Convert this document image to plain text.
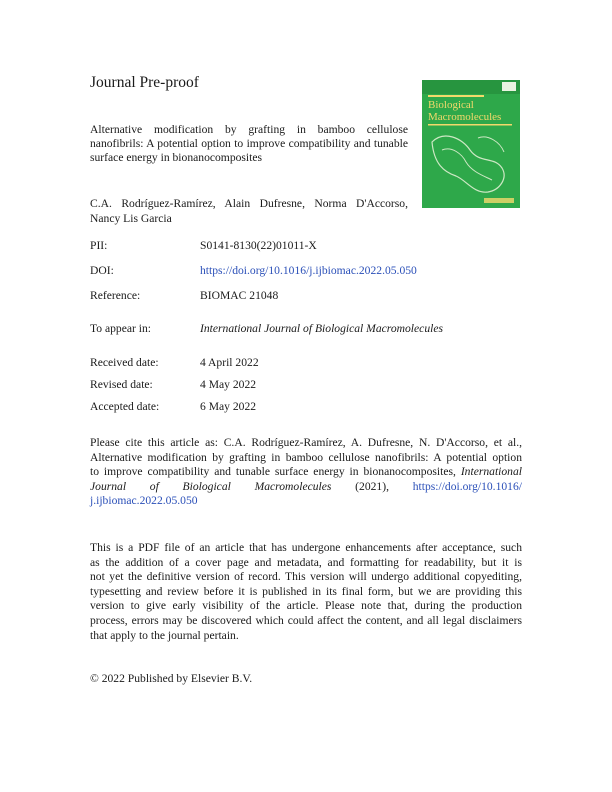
Journal Pre-proof
Biological
Macromolecules
Alternative modification by grafting in bamboo cellulose nanofibrils: A potential option to improve compatibility and tunable surface energy in bionanocomposites
C.A. Rodríguez-Ramírez, Alain Dufresne, Norma D'Accorso, Nancy Lis Garcia
PII:	S0141-8130(22)01011-X
DOI:	https://doi.org/10.1016/j.ijbiomac.2022.05.050
Reference:	BIOMAC 21048
To appear in:	International Journal of Biological Macromolecules
Received date:	4 April 2022
Revised date:	4 May 2022
Accepted date:	6 May 2022
Please cite this article as: C.A. Rodríguez-Ramírez, A. Dufresne, N. D'Accorso, et al.,
Alternative modification by grafting in bamboo cellulose nanofibrils: A potential option
to improve compatibility and tunable surface energy in bionanocomposites, International
Journal of Biological Macromolecules (2021), https://doi.org/10.1016/
j.ijbiomac.2022.05.050
This is a PDF file of an article that has undergone enhancements after acceptance, such
as the addition of a cover page and metadata, and formatting for readability, but it is
not yet the definitive version of record. This version will undergo additional copyediting,
typesetting and review before it is published in its final form, but we are providing this
version to give early visibility of the article. Please note that, during the production
process, errors may be discovered which could affect the content, and all legal disclaimers
that apply to the journal pertain.
© 2022 Published by Elsevier B.V.
